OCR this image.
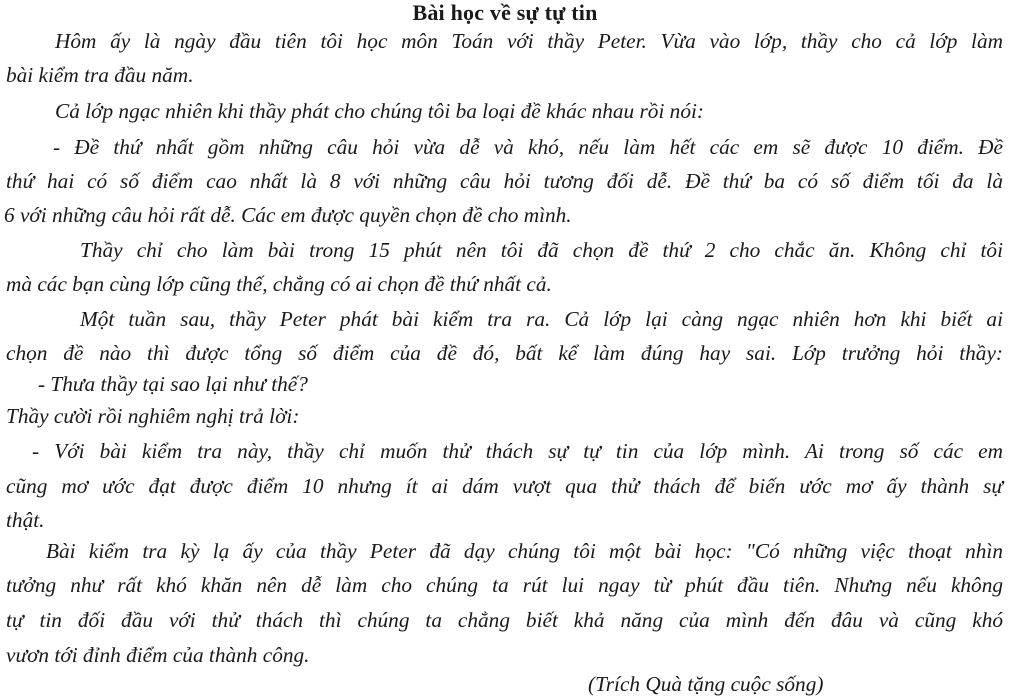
Bài học về sự tự tin
Hôm ấy là ngày đầu tiên tôi học môn Toán với thầy Peter. Vừa vào lớp, thầy cho cả lớp làm
bài kiểm tra đầu năm.
Cả lớp ngạc nhiên khi thầy phát cho chúng tôi ba loại đề khác nhau rồi nói:
- Đề thứ nhất gồm những câu hỏi vừa dễ và khó, nếu làm hết các em sẽ được 10 điểm. Đề
thứ hai có số điểm cao nhất là 8 với những câu hỏi tương đối dễ. Đề thứ ba có số điểm tối đa là
6 với những câu hỏi rất dễ. Các em được quyền chọn đề cho mình.
Thầy chỉ cho làm bài trong 15 phút nên tôi đã chọn đề thứ 2 cho chắc ăn. Không chỉ tôi
mà các bạn cùng lớp cũng thế, chẳng có ai chọn đề thứ nhất cả.
Một tuần sau, thầy Peter phát bài kiểm tra ra. Cả lớp lại càng ngạc nhiên hơn khi biết ai
chọn đề nào thì được tổng số điểm của đề đó, bất kể làm đúng hay sai. Lớp trưởng hỏi thầy:
- Thưa thầy tại sao lại như thế?
Thầy cười rồi nghiêm nghị trả lời:
- Với bài kiểm tra này, thầy chỉ muốn thử thách sự tự tin của lớp mình. Ai trong số các em
cũng mơ ước đạt được điểm 10 nhưng ít ai dám vượt qua thử thách để biến ước mơ ấy thành sự
thật.
Bài kiểm tra kỳ lạ ấy của thầy Peter đã dạy chúng tôi một bài học: "Có những việc thoạt nhìn
tưởng như rất khó khăn nên dễ làm cho chúng ta rút lui ngay từ phút đầu tiên. Nhưng nếu không
tự tin đối đầu với thử thách thì chúng ta chẳng biết khả năng của mình đến đâu và cũng khó
vươn tới đỉnh điểm của thành công.
(Trích Quà tặng cuộc sống)
